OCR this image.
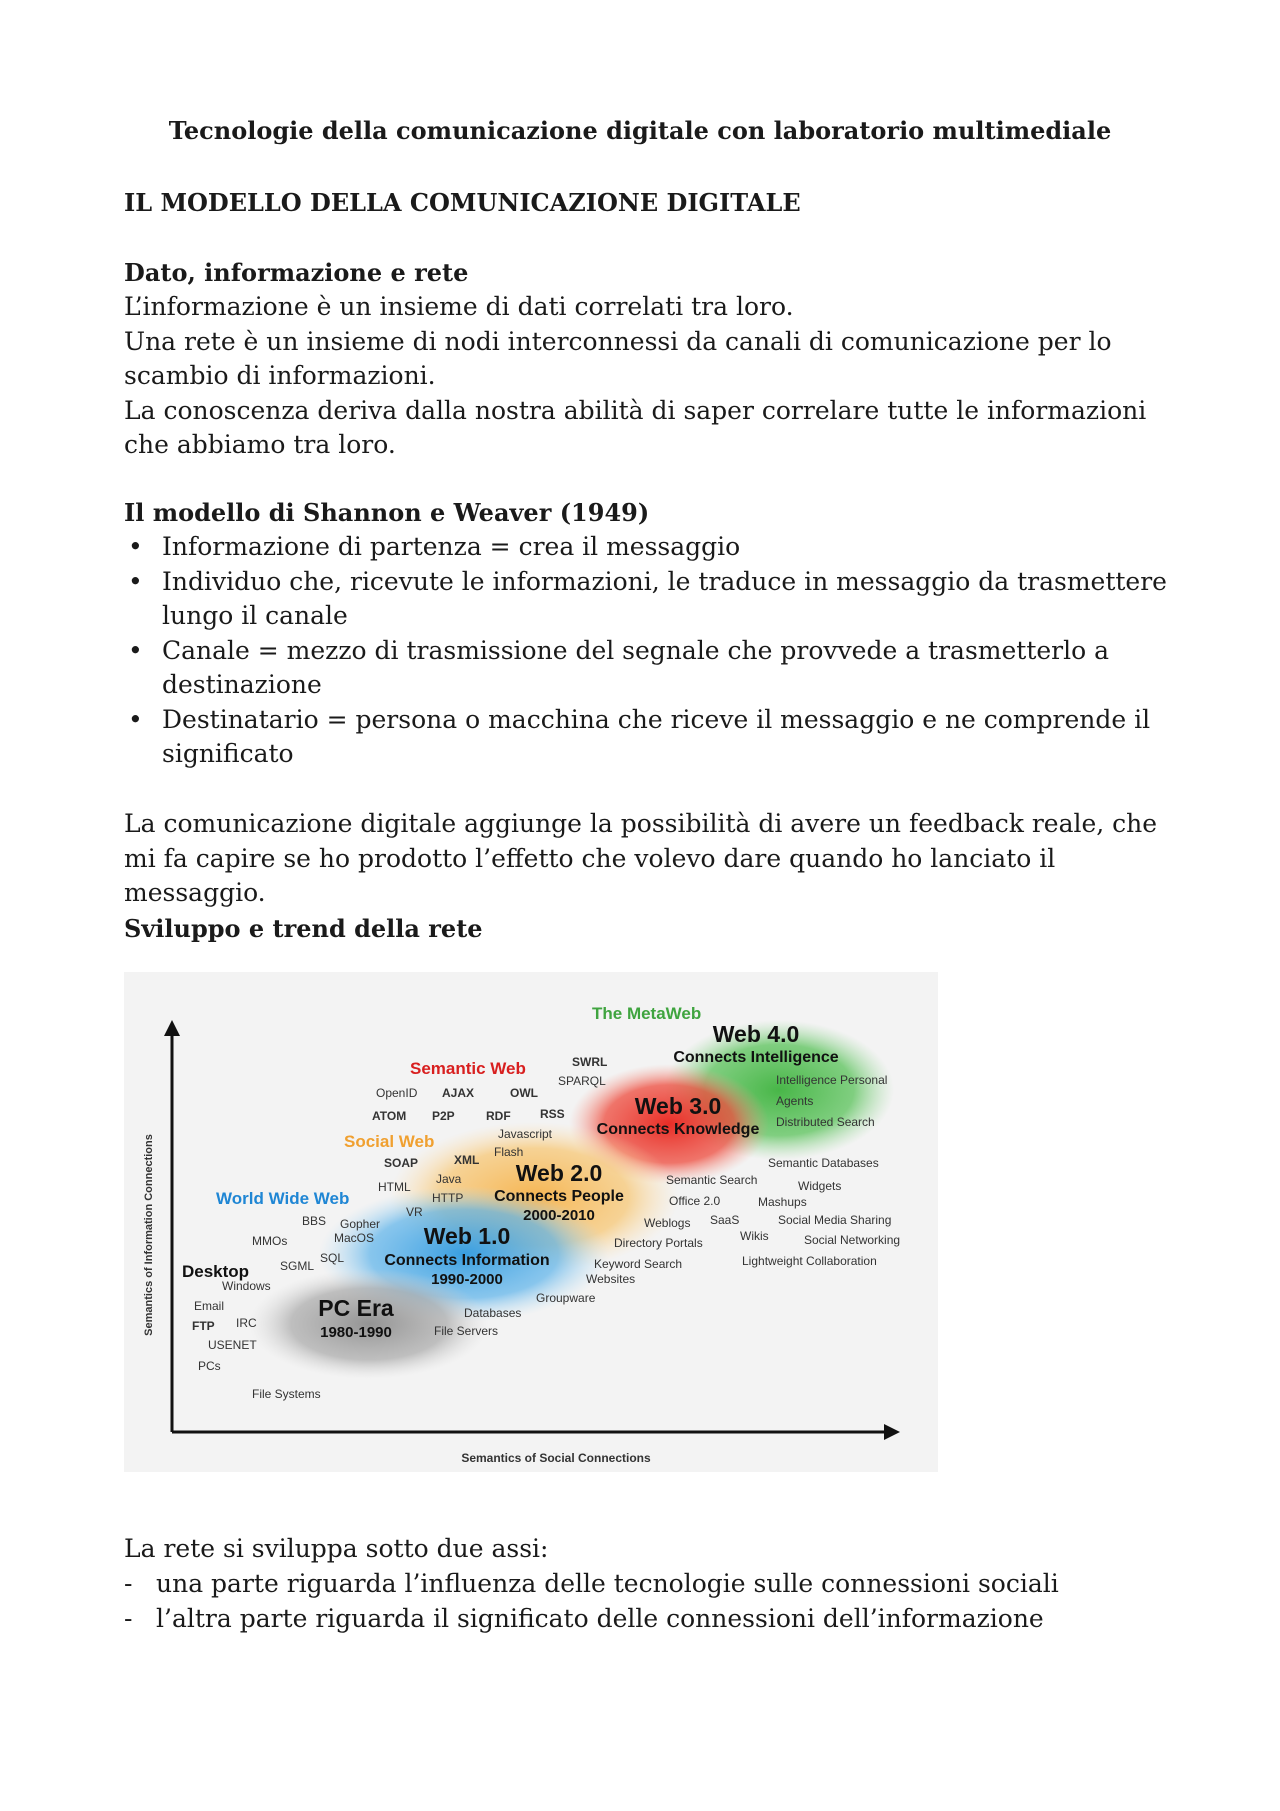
Tecnologie della comunicazione digitale con laboratorio multimediale
IL MODELLO DELLA COMUNICAZIONE DIGITALE
Dato, informazione e rete

L’informazione è un insieme di dati correlati tra loro.

Una rete è un insieme di nodi interconnessi da canali di comunicazione per lo scambio di informazioni.

La conoscenza deriva dalla nostra abilità di saper correlare tutte le informazioni che abbiamo tra loro.

Il modello di Shannon e Weaver (1949)
• Informazione di partenza = crea il messaggio
• Individuo che, ricevute le informazioni, le traduce in messaggio da trasmettere lungo il canale
• Canale = mezzo di trasmissione del segnale che provvede a trasmetterlo a destinazione
• Destinatario = persona o macchina che riceve il messaggio e ne comprende il significato

La comunicazione digitale aggiunge la possibilità di avere un feedback reale, che mi fa capire se ho prodotto l’effetto che volevo dare quando ho lanciato il messaggio.

Sviluppo e trend della rete
Semantics of Information Connections
Semantics of Social Connections
The MetaWeb
Semantic Web
Social Web
World Wide Web
Desktop
Web 4.0
Connects Intelligence
Web 3.0
Connects Knowledge
Web 2.0
Connects People
2000-2010
Web 1.0
Connects Information
1990-2000
PC Era
1980-1990
SWRL
SPARQL
OpenID AJAX	OWL
ATOM P2P	RDF RSS
Javascript
Flash
SOAP	XML
HTML
Java
HTTP
VR
BBS Gopher
MMOs	MacOS
SGML
SQL
Windows
Email
FTP IRC
USENET
PCs
File Systems
Databases
File Servers
Groupware
Websites
Keyword Search
Directory Portals
Weblogs SaaS
Wikis
Office 2.0	Mashups
Semantic Search	Widgets
Semantic Databases
Social Media Sharing
Social Networking
Lightweight Collaboration
Intelligence Personal
Agents
Distributed Search

La rete si sviluppa sotto due assi:

- una parte riguarda l’influenza delle tecnologie sulle connessioni sociali
- l’altra parte riguarda il significato delle connessioni dell’informazione
